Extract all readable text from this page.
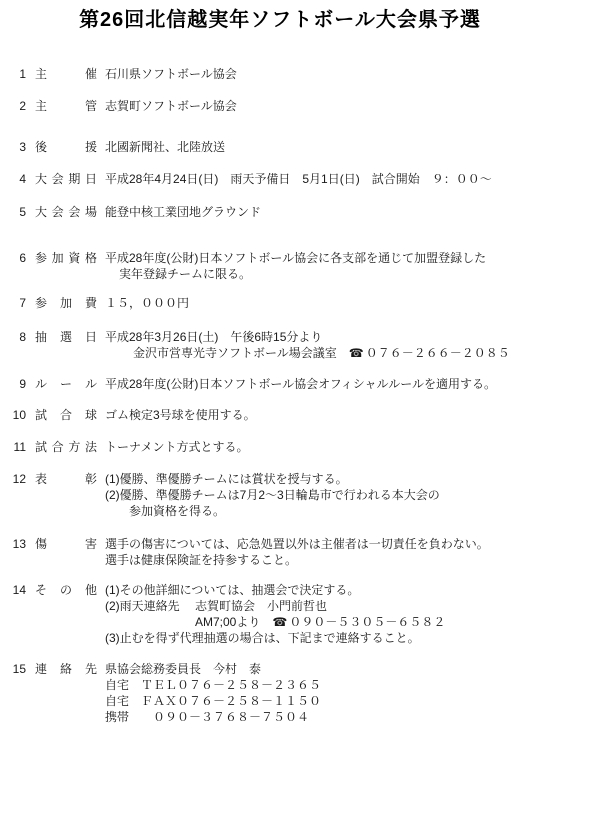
第26回北信越実年ソフトボール大会県予選
1 主	催 石川県ソフトボール協会
2 主	管 志賀町ソフトボール協会
3 後	援 北國新聞社、北陸放送
4 大 会 期 日 平成28年4月24日(日)　雨天予備日　5月1日(日)　試合開始　９：００～
5 大 会 会 場 能登中核工業団地グラウンド
6 参 加 資 格 平成28年度(公財)日本ソフトボール協会に各支部を通じて加盟登録した
実年登録チームに限る。
7 参 加 費 １５，０００円
8 抽 選 日 平成28年3月26日(土)　午後6時15分より
金沢市営専光寺ソフトボール場会議室　☎ ０７６－２６６－２０８５
9 ル ー ル 平成28年度(公財)日本ソフトボール協会オフィシャルルールを適用する。
10 試 合 球 ゴム検定3号球を使用する。
11 試 合 方 法 トーナメント方式とする。
12 表	彰 (1)優勝、準優勝チームには賞状を授与する。
(2)優勝、準優勝チームは7月2～3日輪島市で行われる本大会の
参加資格を得る。
13 傷	害 選手の傷害については、応急処置以外は主催者は一切責任を負わない。
選手は健康保険証を持参すること。
14 そ の 他 (1)その他詳細については、抽選会で決定する。
(2)雨天連絡先　 志賀町協会　小門前哲也
AM7;00より　☎ ０９０－５３０５－６５８２
(3)止むを得ず代理抽選の場合は、下記まで連絡すること。
15 連 絡 先 県協会総務委員長　今村　泰
自宅　ＴＥＬ０７６－２５８－２３６５
自宅　ＦＡＸ０７６－２５８－１１５０
携帯　　０９０－３７６８－７５０４
